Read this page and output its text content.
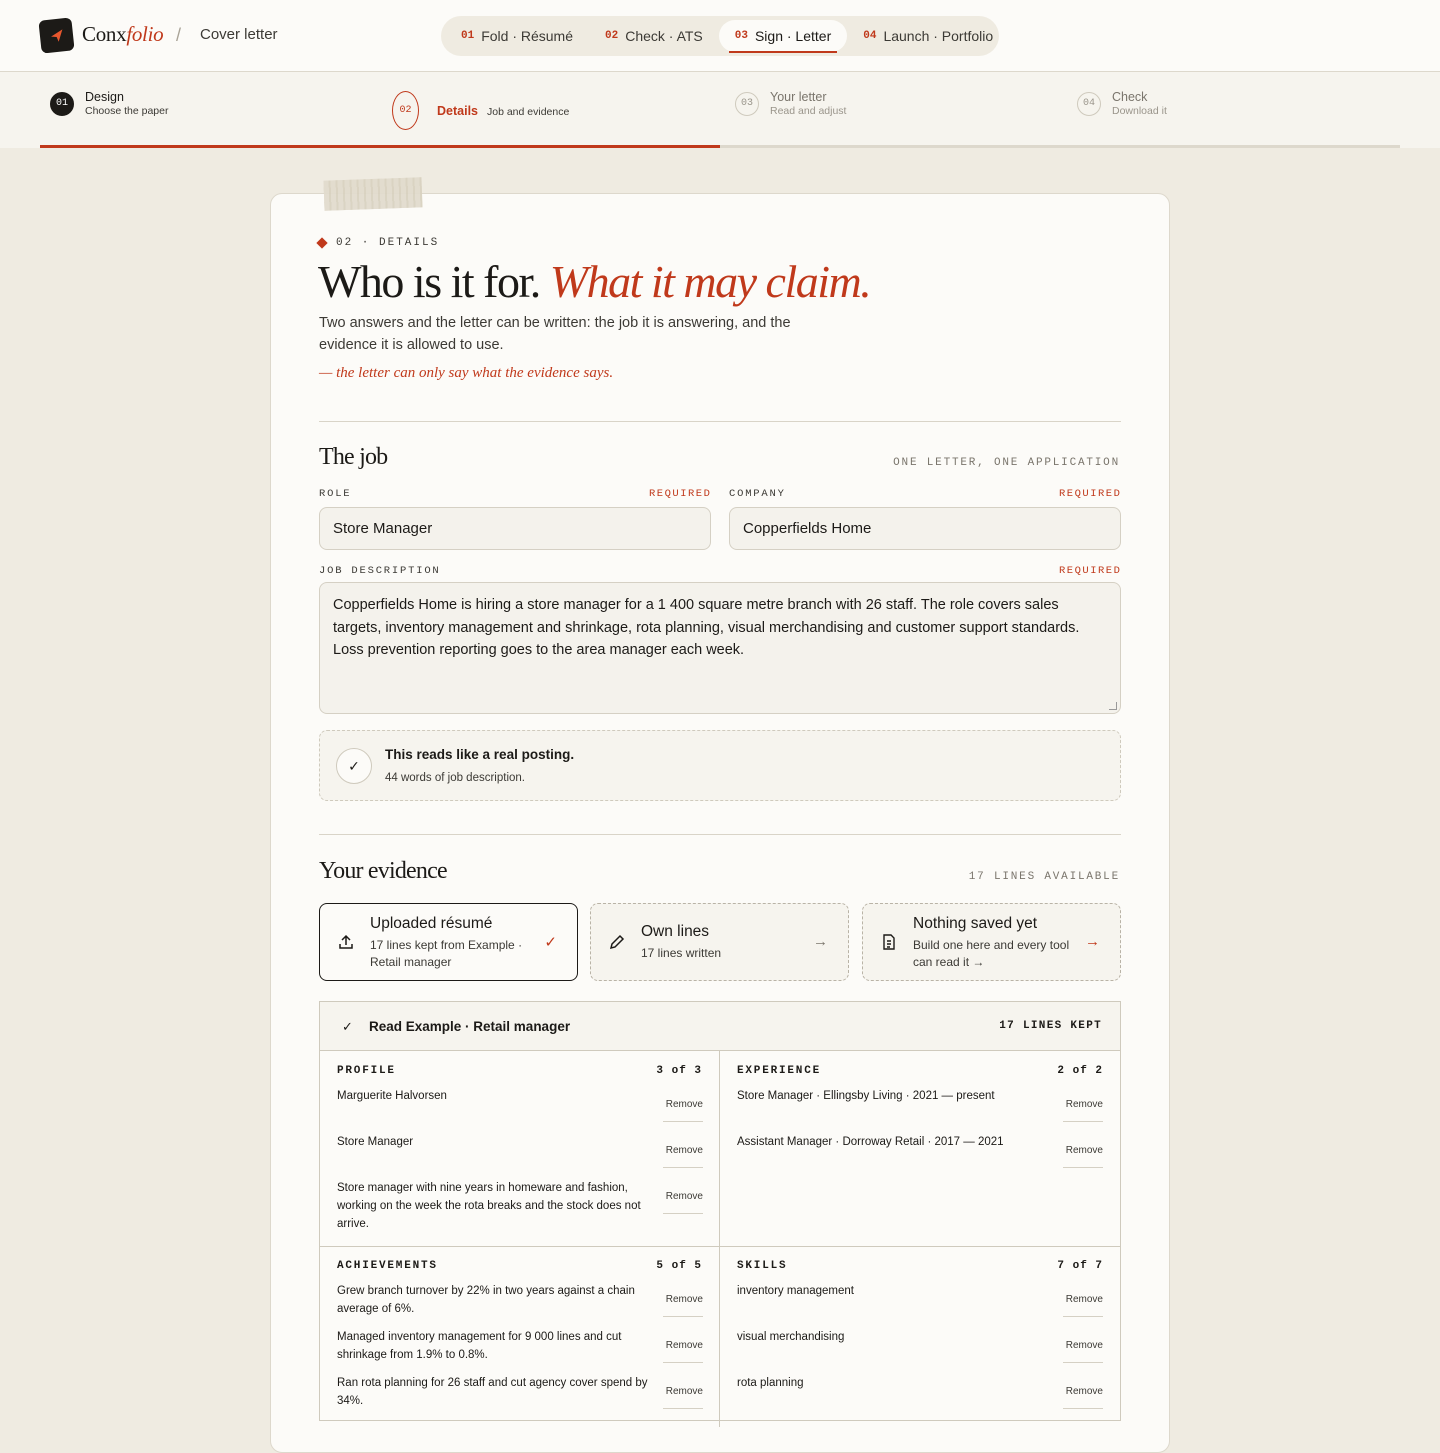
Conxfolio / Cover letter	01 Fold · Résumé	02 Check · ATS	03 Sign · Letter	04 Launch · Portfolio
01	Design
Choose the paper	02	Details Job and evidence
03	Your letter
Read and adjust
04	Check
Download it
02 · DETAILS
Who is it for. What it may claim.
Two answers and the letter can be written: the job it is answering, and the evidence it is allowed to use.
— the letter can only say what the evidence says.
The job	ONE LETTER, ONE APPLICATION
ROLE	REQUIRED
Store Manager
COMPANY	REQUIRED
Copperfields Home
JOB DESCRIPTION	REQUIRED
Copperfields Home is hiring a store manager for a 1 400 square metre branch with 26 staff. The role covers sales targets, inventory management and shrinkage, rota planning, visual merchandising and customer support standards. Loss prevention reporting goes to the area manager each week.
✓
This reads like a real posting.
44 words of job description.
Your evidence	17 LINES AVAILABLE
Uploaded résumé
17 lines kept from Example · Retail manager
✓
Own lines
17 lines written
→
Nothing saved yet
Build one here and every tool can read it →
→
✓ Read Example · Retail manager	17 LINES KEPT
PROFILE	3 of 3
Marguerite Halvorsen
Remove
Store Manager
Remove
Store manager with nine years in homeware and fashion, working on the week the rota breaks and the stock does not arrive.
Remove
EXPERIENCE	2 of 2
Store Manager · Ellingsby Living · 2021 — present
Remove
Assistant Manager · Dorroway Retail · 2017 — 2021
Remove
ACHIEVEMENTS	5 of 5
Grew branch turnover by 22% in two years against a chain average of 6%.
Remove
Managed inventory management for 9 000 lines and cut shrinkage from 1.9% to 0.8%.
Remove
Ran rota planning for 26 staff and cut agency cover spend by 34%.
Remove
SKILLS	7 of 7
inventory management
Remove
visual merchandising
Remove
rota planning
Remove
